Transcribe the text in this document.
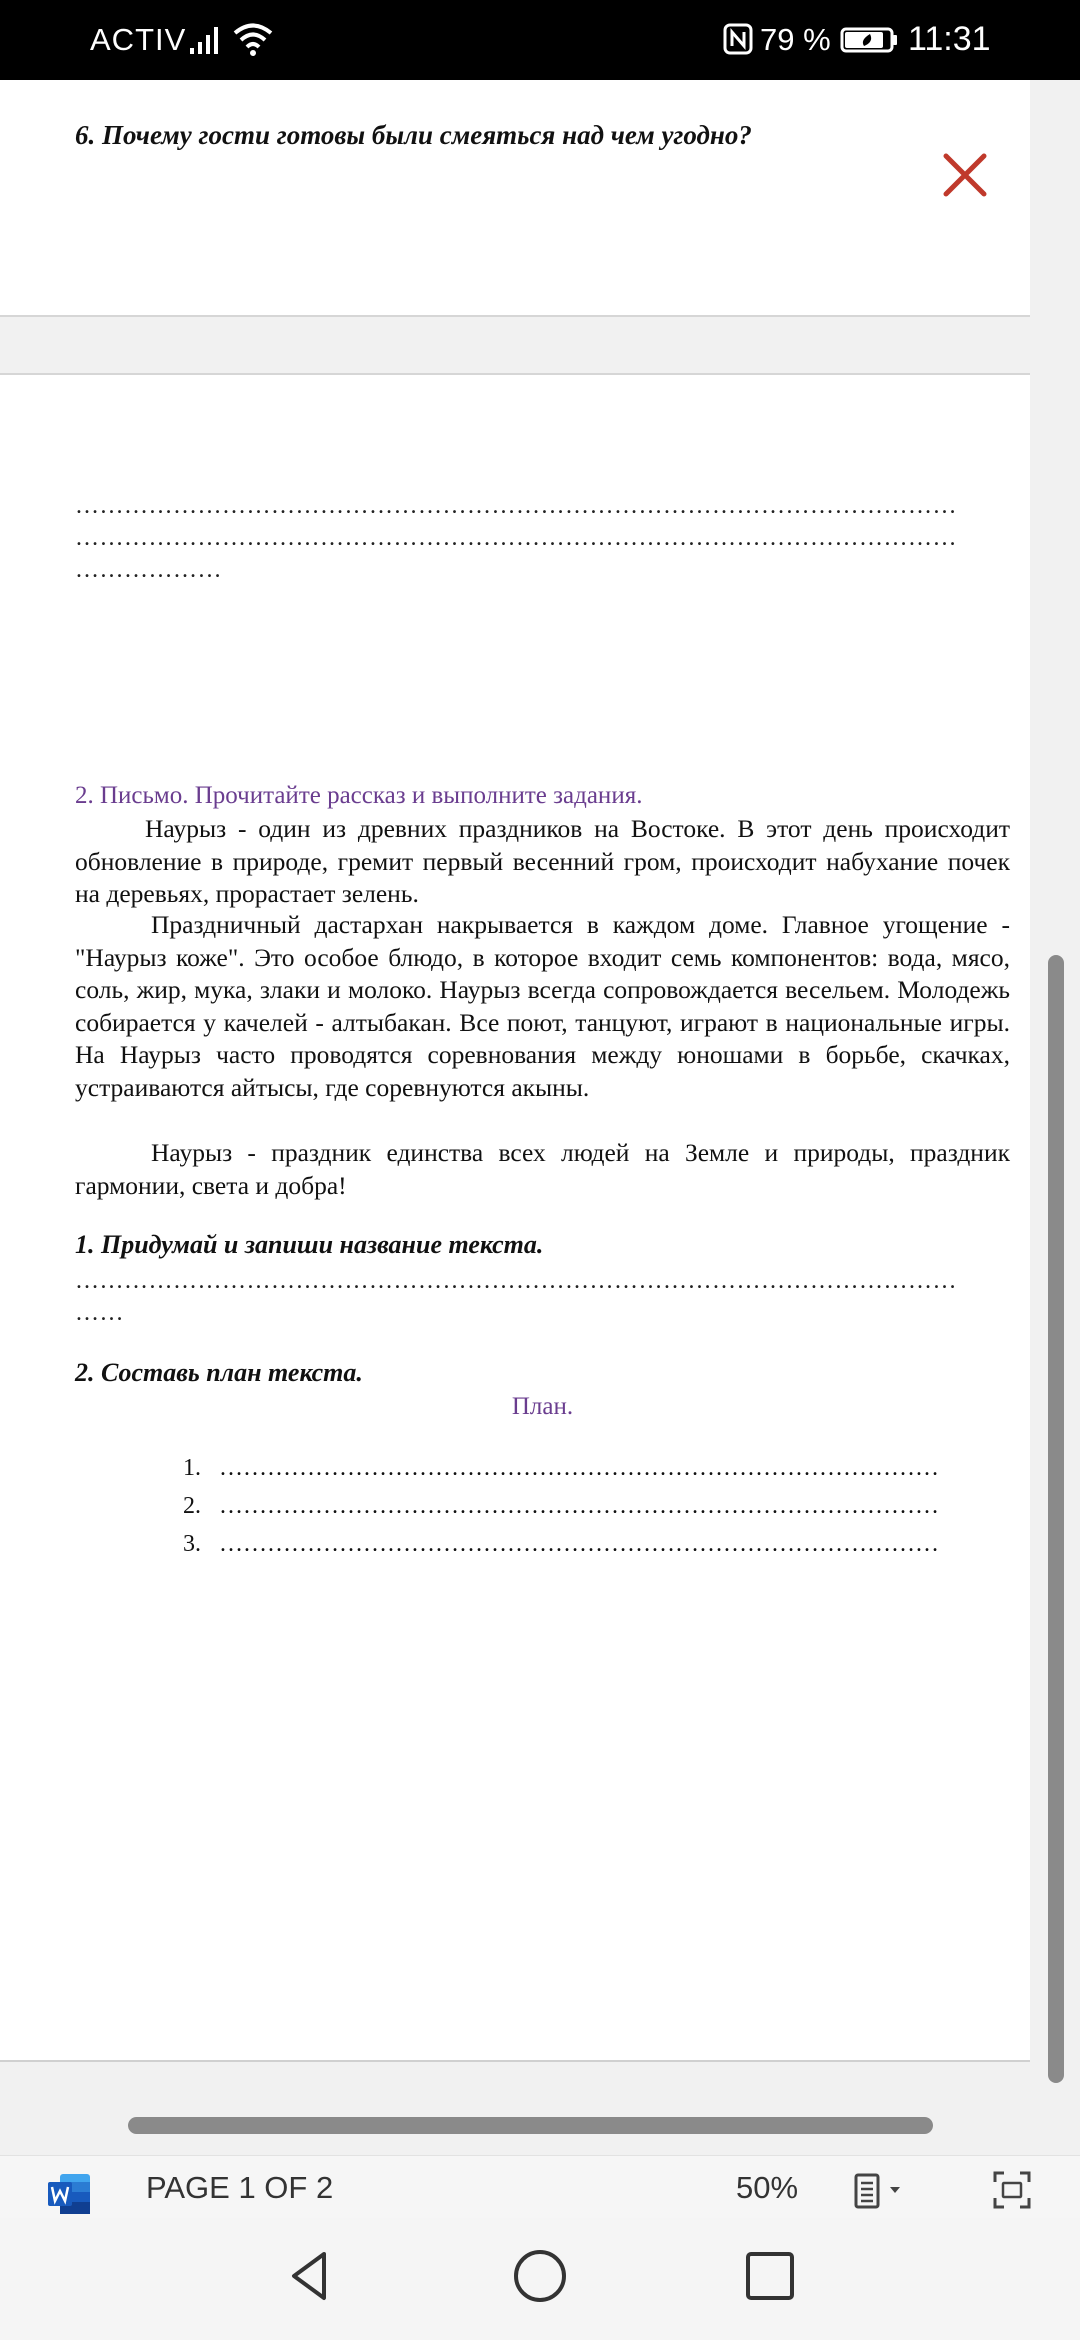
ACTIV	79 % 11:31
6. Почему гости готовы были смеяться над чем угодно?
………………………………………………………………………………………………
………………………………………………………………………………………………
………………
2. Письмо. Прочитайте рассказ и выполните задания.
Наурыз - один из древних праздников на Востоке. В этот день происходит обновление в природе, гремит первый весенний гром, происходит набухание почек на деревьях, прорастает зелень.
Праздничный дастархан накрывается в каждом доме. Главное угощение - "Наурыз коже". Это особое блюдо, в которое входит семь компонентов: вода, мясо, соль, жир, мука, злаки и молоко. Наурыз всегда сопровождается весельем. Молодежь собирается у качелей - алтыбакан. Все поют, танцуют, играют в национальные игры. На Наурыз часто проводятся соревнования между юношами в борьбе, скачках, устраиваются айтысы, где соревнуются акыны.
Наурыз - праздник единства всех людей на Земле и природы, праздник гармонии, света и добра!
1. Придумай и запиши название текста.
………………………………………………………………………………………………
……
2. Составь план текста.
План.
1. ………………………………………………………………………………
2. ………………………………………………………………………………
3. ………………………………………………………………………………
PAGE 1 OF 2	50%
